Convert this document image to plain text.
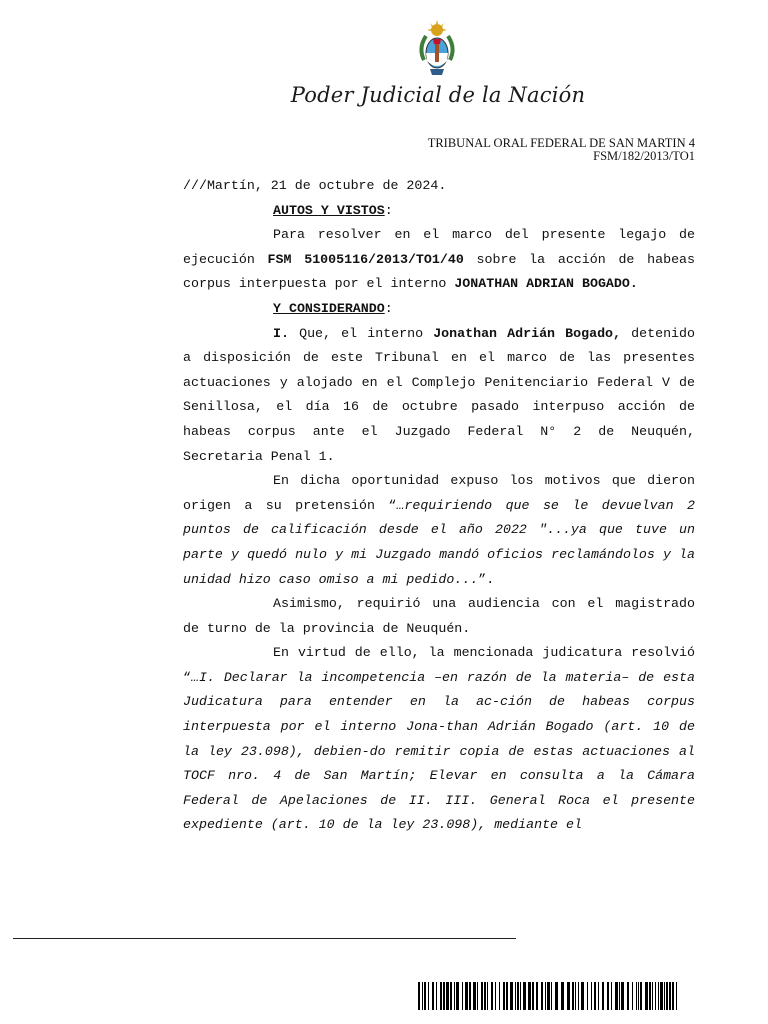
Poder Judicial de la Nación
TRIBUNAL ORAL FEDERAL DE SAN MARTIN 4
FSM/182/2013/TO1

///Martín, 21 de octubre de 2024.

AUTOS Y VISTOS:

Para resolver en el marco del presente legajo de ejecución FSM 51005116/2013/TO1/40 sobre la acción de habeas corpus interpuesta por el interno JONATHAN ADRIAN BOGADO.

Y CONSIDERANDO:

I. Que, el interno Jonathan Adrián Bogado, detenido a disposición de este Tribunal en el marco de las presentes actuaciones y alojado en el Complejo Penitenciario Federal V de Senillosa, el día 16 de octubre pasado interpuso acción de habeas corpus ante el Juzgado Federal N° 2 de Neuquén, Secretaria Penal 1.

En dicha oportunidad expuso los motivos que dieron origen a su pretensión “…requiriendo que se le devuelvan 2 puntos de calificación desde el año 2022 "...ya que tuve un parte y quedó nulo y mi Juzgado mandó oficios reclamándolos y la unidad hizo caso omiso a mi pedido...”.

Asimismo, requirió una audiencia con el magistrado de turno de la provincia de Neuquén.

En virtud de ello, la mencionada judicatura resolvió “…I. Declarar la incompetencia –en razón de la materia– de esta Judicatura para entender en la ac-ción de habeas corpus interpuesta por el interno Jona-than Adrián Bogado (art. 10 de la ley 23.098), debien-do remitir copia de estas actuaciones al TOCF nro. 4 de San Martín; Elevar en consulta a la Cámara Federal de Apelaciones de II. III. General Roca el presente expediente (art. 10 de la ley 23.098), mediante el
